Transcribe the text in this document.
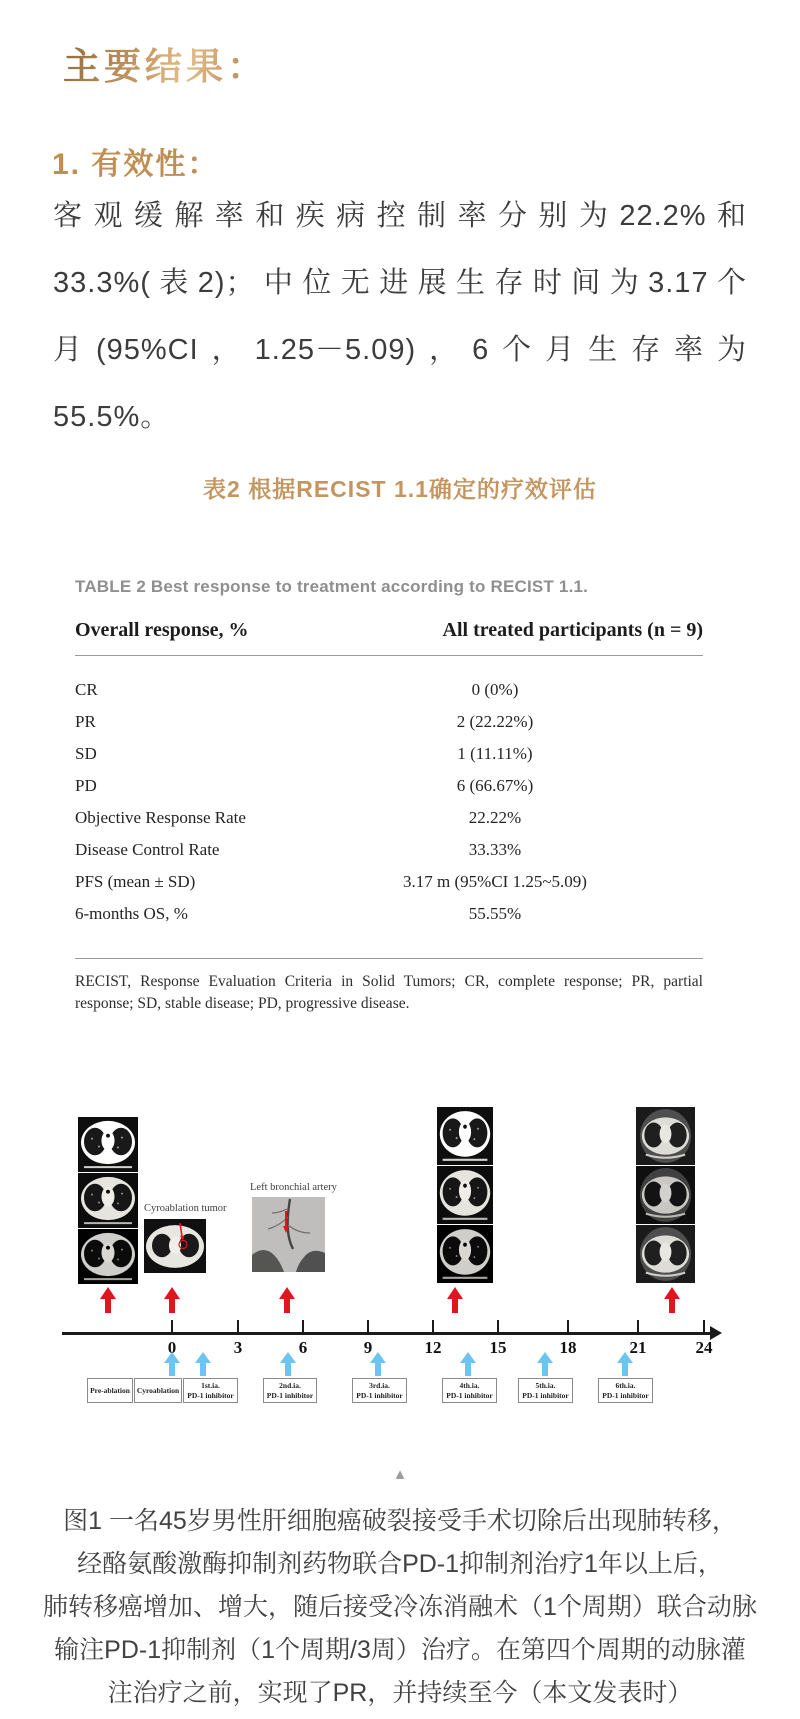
主要结果：
1. 有效性：
客观缓解率和疾病控制率分别为22.2%和
33.3%(表2)；中位无进展生存时间为3.17个
月(95%CI，1.25－5.09)，6个月生存率为
55.5%。
表2 根据RECIST 1.1确定的疗效评估
TABLE 2 Best response to treatment according to RECIST 1.1.
Overall response, %	All treated participants (n = 9)
CR	0 (0%)
PR	2 (22.22%)
SD	1 (11.11%)
PD	6 (66.67%)
Objective Response Rate	22.22%
Disease Control Rate	33.33%
PFS (mean ± SD)	3.17 m (95%CI 1.25~5.09)
6-months OS, %	55.55%
RECIST, Response Evaluation Criteria in Solid Tumors; CR, complete response; PR, partial response; SD, stable disease; PD, progressive disease.
Cyroablation tumor
Left bronchial artery
0	3	6	9	12	15	18	21	24
Pre-ablation Cyroablation
1st.ia.
PD-1 inhibitor
2nd.ia.
PD-1 inhibitor
3rd.ia.
PD-1 inhibitor
4th.ia.
PD-1 inhibitor
5th.ia.
PD-1 inhibitor
6th.ia.
PD-1 inhibitor
▲
图1 一名45岁男性肝细胞癌破裂接受手术切除后出现肺转移，
经酪氨酸激酶抑制剂药物联合PD-1抑制剂治疗1年以上后，
肺转移癌增加、增大，随后接受冷冻消融术（1个周期）联合动脉
输注PD-1抑制剂（1个周期/3周）治疗。在第四个周期的动脉灌
注治疗之前，实现了PR，并持续至今（本文发表时）
